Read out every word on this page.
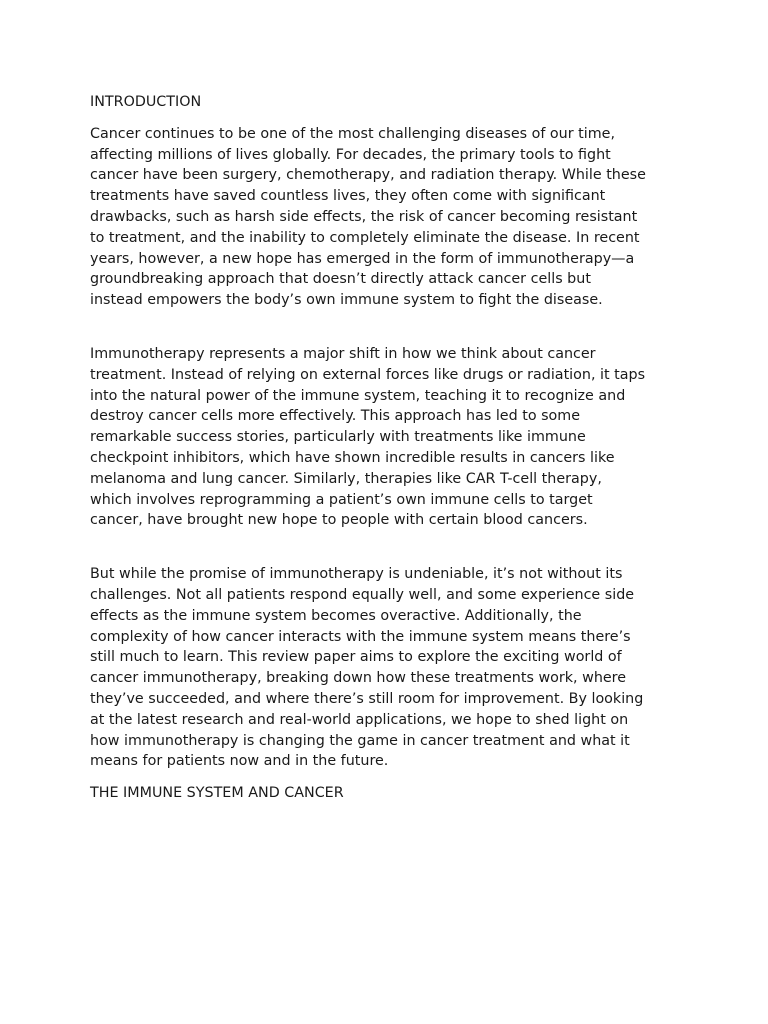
INTRODUCTION

Cancer continues to be one of the most challenging diseases of our time,
affecting millions of lives globally. For decades, the primary tools to fight
cancer have been surgery, chemotherapy, and radiation therapy. While these
treatments have saved countless lives, they often come with significant
drawbacks, such as harsh side effects, the risk of cancer becoming resistant
to treatment, and the inability to completely eliminate the disease. In recent
years, however, a new hope has emerged in the form of immunotherapy—a
groundbreaking approach that doesn’t directly attack cancer cells but
instead empowers the body’s own immune system to fight the disease.

Immunotherapy represents a major shift in how we think about cancer
treatment. Instead of relying on external forces like drugs or radiation, it taps
into the natural power of the immune system, teaching it to recognize and
destroy cancer cells more effectively. This approach has led to some
remarkable success stories, particularly with treatments like immune
checkpoint inhibitors, which have shown incredible results in cancers like
melanoma and lung cancer. Similarly, therapies like CAR T-cell therapy,
which involves reprogramming a patient’s own immune cells to target
cancer, have brought new hope to people with certain blood cancers.

But while the promise of immunotherapy is undeniable, it’s not without its
challenges. Not all patients respond equally well, and some experience side
effects as the immune system becomes overactive. Additionally, the
complexity of how cancer interacts with the immune system means there’s
still much to learn. This review paper aims to explore the exciting world of
cancer immunotherapy, breaking down how these treatments work, where
they’ve succeeded, and where there’s still room for improvement. By looking
at the latest research and real-world applications, we hope to shed light on
how immunotherapy is changing the game in cancer treatment and what it
means for patients now and in the future.

THE IMMUNE SYSTEM AND CANCER
